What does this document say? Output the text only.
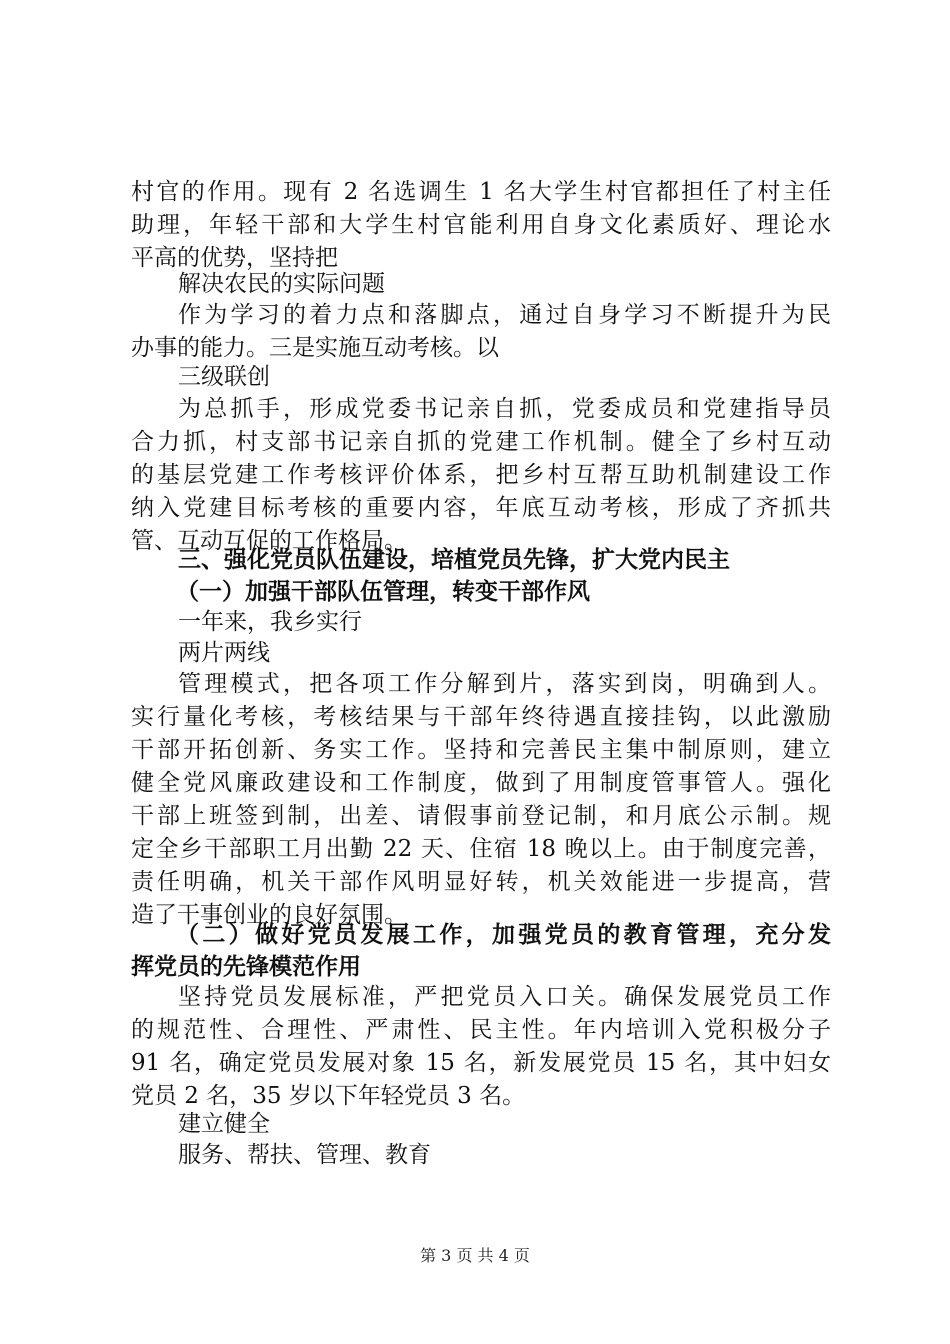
村官的作用。现有 2 名选调生 1 名大学生村官都担任了村主任
助理，年轻干部和大学生村官能利用自身文化素质好、理论水
平高的优势，坚持把
解决农民的实际问题
作为学习的着力点和落脚点，通过自身学习不断提升为民
办事的能力。三是实施互动考核。以
三级联创
为总抓手，形成党委书记亲自抓，党委成员和党建指导员
合力抓，村支部书记亲自抓的党建工作机制。健全了乡村互动
的基层党建工作考核评价体系，把乡村互帮互助机制建设工作
纳入党建目标考核的重要内容，年底互动考核，形成了齐抓共
管、互动互促的工作格局。
三、强化党员队伍建设，培植党员先锋，扩大党内民主
（一）加强干部队伍管理，转变干部作风
一年来，我乡实行
两片两线
管理模式，把各项工作分解到片，落实到岗，明确到人。
实行量化考核，考核结果与干部年终待遇直接挂钩，以此激励
干部开拓创新、务实工作。坚持和完善民主集中制原则，建立
健全党风廉政建设和工作制度，做到了用制度管事管人。强化
干部上班签到制，出差、请假事前登记制，和月底公示制。规
定全乡干部职工月出勤 22 天、住宿 18 晚以上。由于制度完善，
责任明确，机关干部作风明显好转，机关效能进一步提高，营
造了干事创业的良好氛围。
（二）做好党员发展工作，加强党员的教育管理，充分发
挥党员的先锋模范作用
坚持党员发展标准，严把党员入口关。确保发展党员工作
的规范性、合理性、严肃性、民主性。年内培训入党积极分子
91 名，确定党员发展对象 15 名，新发展党员 15 名，其中妇女
党员 2 名，35 岁以下年轻党员 3 名。
建立健全
服务、帮扶、管理、教育
第 3 页 共 4 页
